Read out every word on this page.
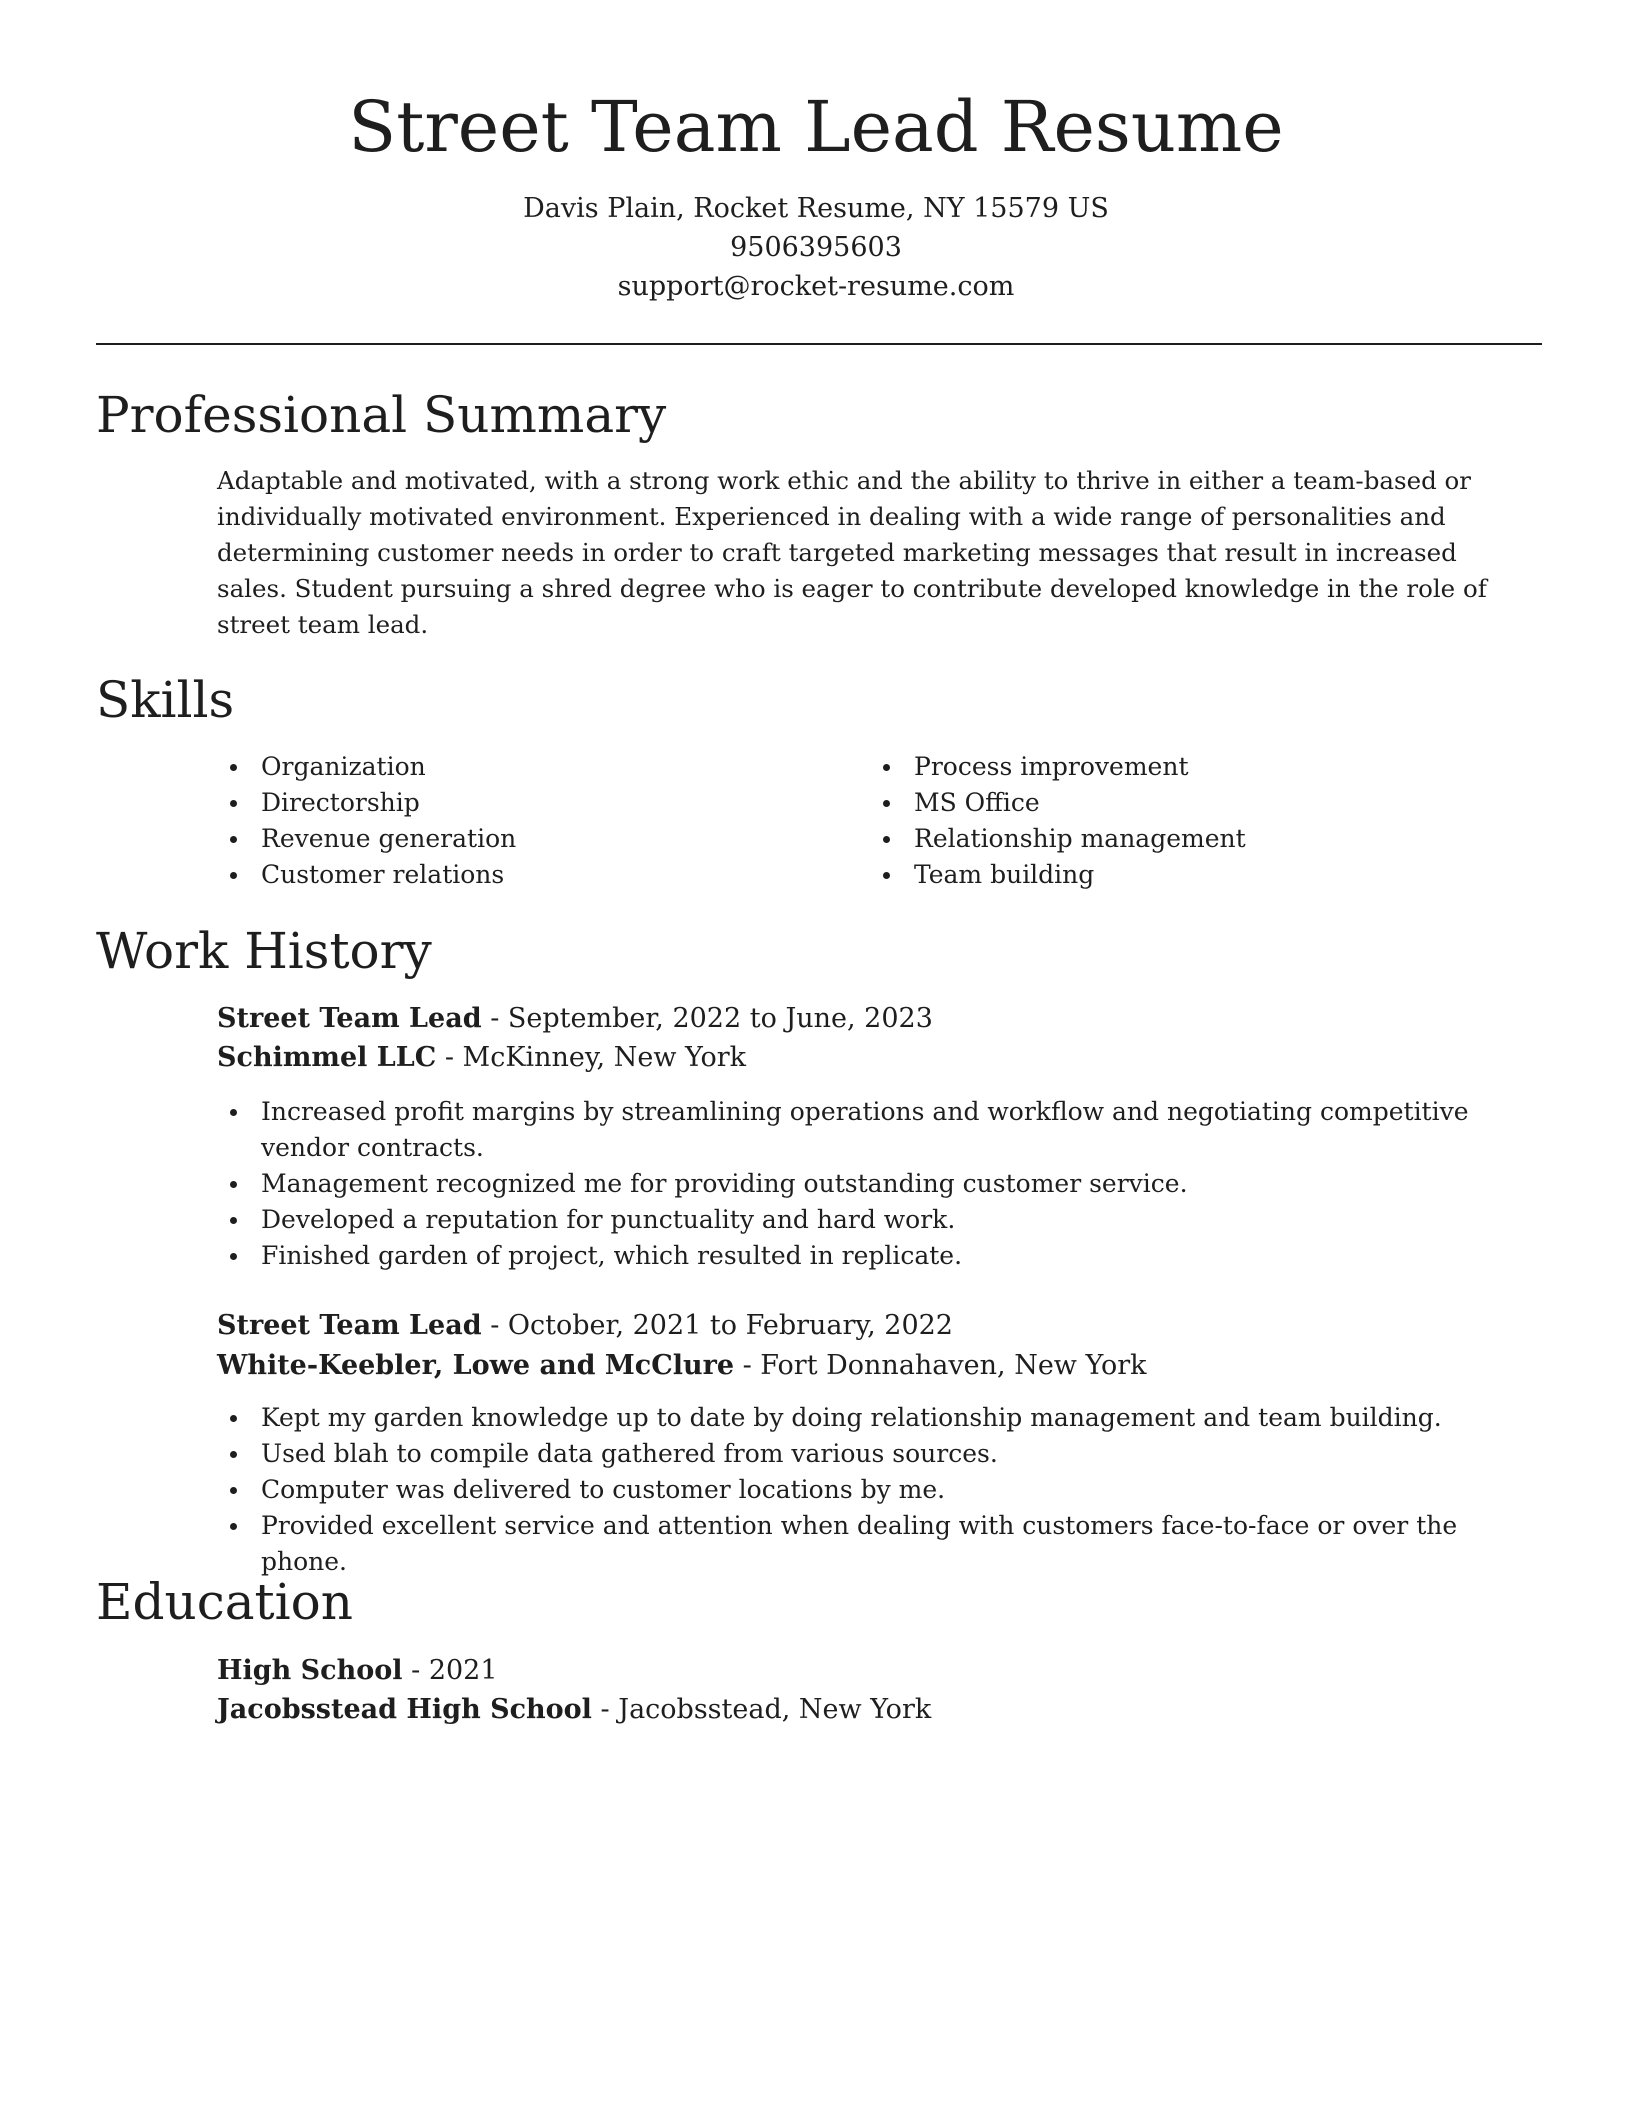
Street Team Lead Resume
Davis Plain, Rocket Resume, NY 15579 US
9506395603
support@rocket-resume.com
Professional Summary

Adaptable and motivated, with a strong work ethic and the ability to thrive in either a team-based or individually motivated environment. Experienced in dealing with a wide range of personalities and determining customer needs in order to craft targeted marketing messages that result in increased sales. Student pursuing a shred degree who is eager to contribute developed knowledge in the role of street team lead.

Skills
Organization
Directorship
Revenue generation
Customer relations
Process improvement
MS Office
Relationship management
Team building
Work History
Street Team Lead - September, 2022 to June, 2023
Schimmel LLC - McKinney, New York
Increased profit margins by streamlining operations and workflow and negotiating competitive vendor contracts.
Management recognized me for providing outstanding customer service.
Developed a reputation for punctuality and hard work.
Finished garden of project, which resulted in replicate.
Street Team Lead - October, 2021 to February, 2022
White-Keebler, Lowe and McClure - Fort Donnahaven, New York
Kept my garden knowledge up to date by doing relationship management and team building.
Used blah to compile data gathered from various sources.
Computer was delivered to customer locations by me.
Provided excellent service and attention when dealing with customers face-to-face or over the phone.
Education
High School - 2021
Jacobsstead High School - Jacobsstead, New York
